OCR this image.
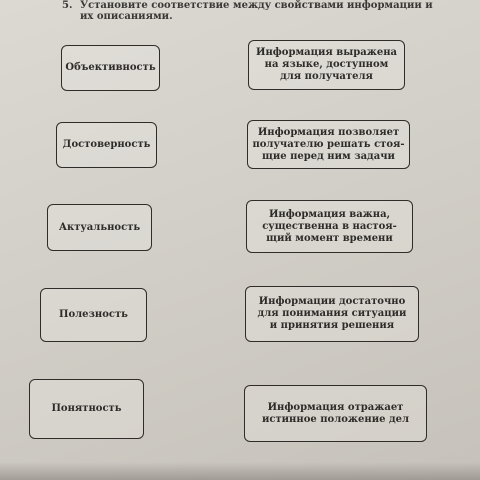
5. Установите соответствие между свойствами информации и
их описаниями.
Объективность
Достоверность
Актуальность
Полезность
Понятность
Информация выражена
на языке, доступном
для получателя
Информация позволяет
получателю решать стоя-
щие перед ним задачи
Информация важна,
существенна в настоя-
щий момент времени
Информации достаточно
для понимания ситуации
и принятия решения
Информация отражает
истинное положение дел
